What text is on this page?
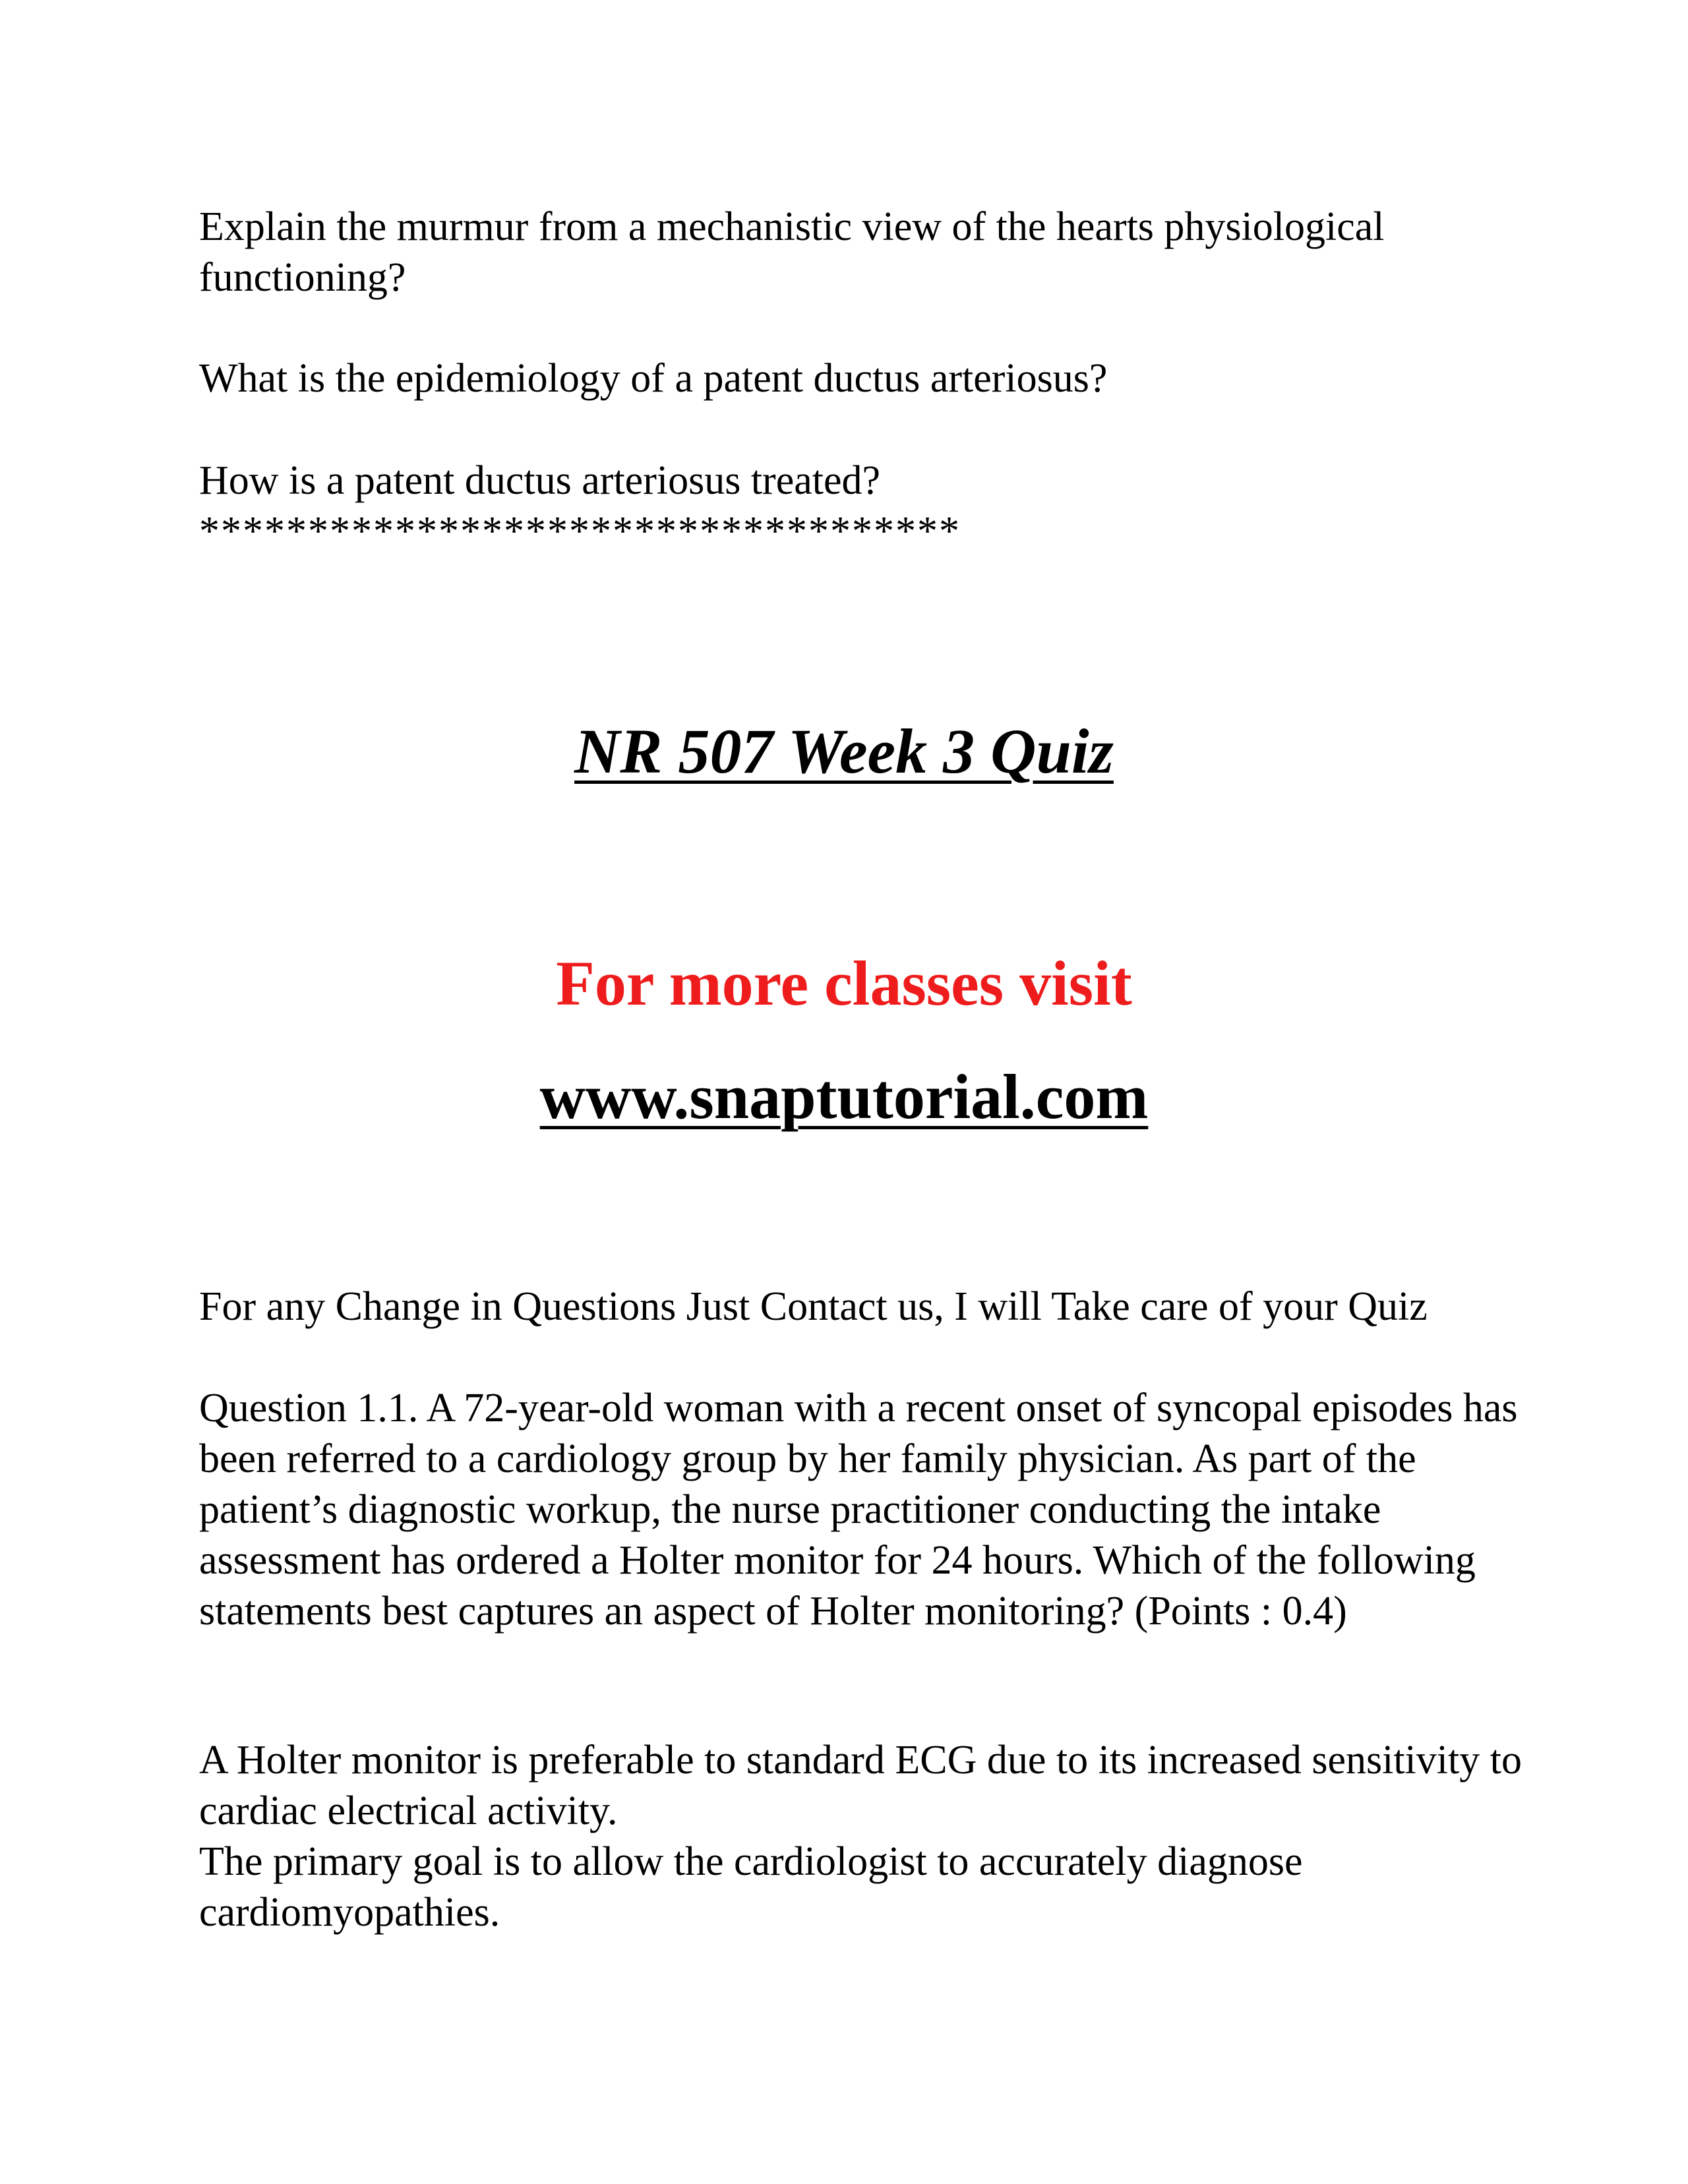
Explain the murmur from a mechanistic view of the hearts physiological functioning?

What is the epidemiology of a patent ductus arteriosus?

How is a patent ductus arteriosus treated?

***********************************

NR 507 Week 3 Quiz

For more classes visit

www.snaptutorial.com

For any Change in Questions Just Contact us, I will Take care of your Quiz

Question 1.1. A 72-year-old woman with a recent onset of syncopal episodes has been referred to a cardiology group by her family physician. As part of the patient’s diagnostic workup, the nurse practitioner conducting the intake assessment has ordered a Holter monitor for 24 hours. Which of the following statements best captures an aspect of Holter monitoring? (Points : 0.4)

A Holter monitor is preferable to standard ECG due to its increased sensitivity to cardiac electrical activity.

The primary goal is to allow the cardiologist to accurately diagnose cardiomyopathies.
